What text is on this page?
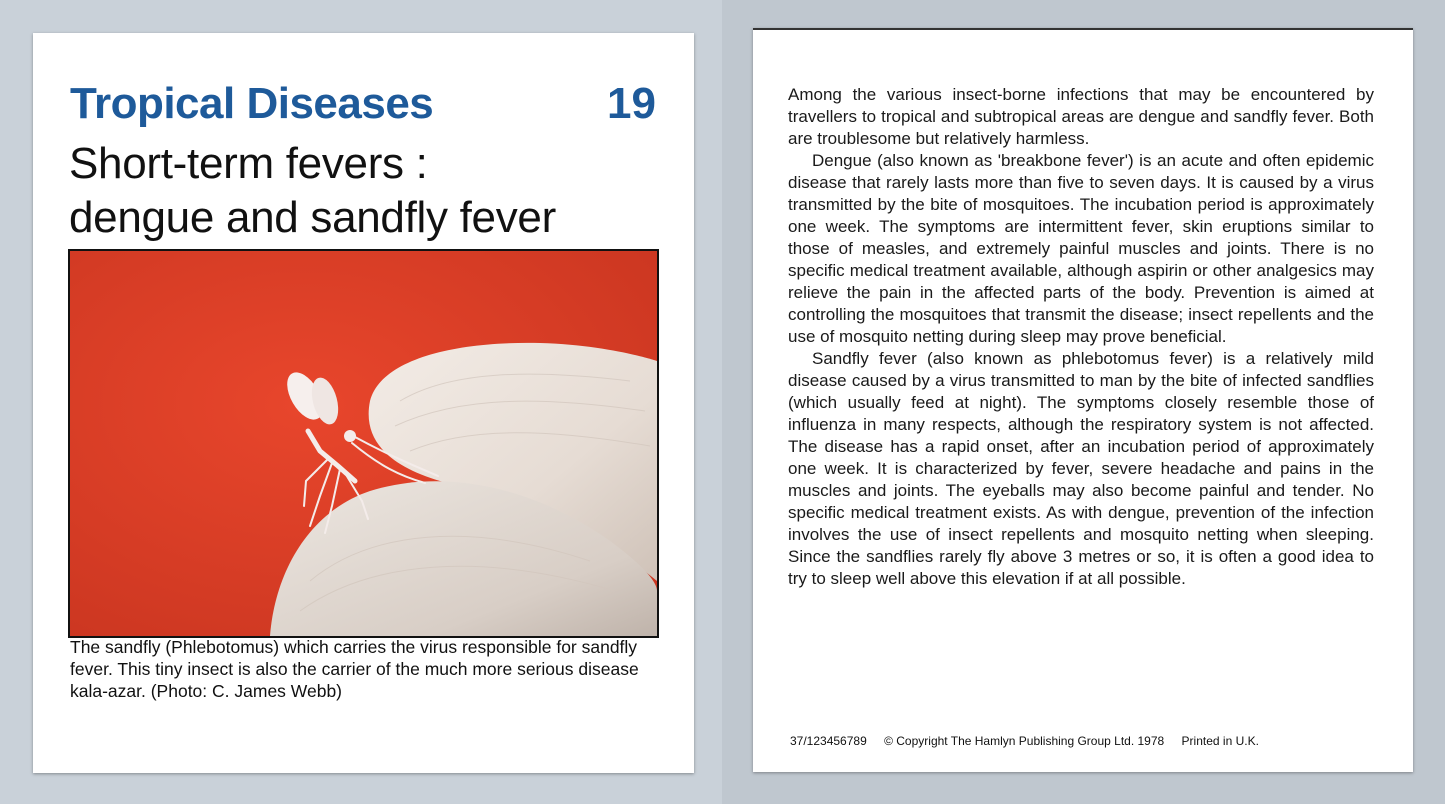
Tropical Diseases	19
Short-term fevers :
dengue and sandfly fever
The sandfly (Phlebotomus) which carries the virus responsible for sandfly fever. This tiny insect is also the carrier of the much more serious disease kala-azar. (Photo: C. James Webb)

Among the various insect-borne infections that may be encountered by travellers to tropical and subtropical areas are dengue and sandfly fever. Both are troublesome but relatively harmless.

Dengue (also known as 'breakbone fever') is an acute and often epidemic disease that rarely lasts more than five to seven days. It is caused by a virus transmitted by the bite of mosquitoes. The incubation period is approximately one week. The symptoms are intermittent fever, skin eruptions similar to those of measles, and extremely painful muscles and joints. There is no specific medical treatment available, although aspirin or other analgesics may relieve the pain in the affected parts of the body. Prevention is aimed at controlling the mosquitoes that transmit the disease; insect repellents and the use of mosquito netting during sleep may prove beneficial.

Sandfly fever (also known as phlebotomus fever) is a relatively mild disease caused by a virus transmitted to man by the bite of infected sandflies (which usually feed at night). The symptoms closely resemble those of influenza in many respects, although the respiratory system is not affected. The disease has a rapid onset, after an incubation period of approximately one week. It is characterized by fever, severe headache and pains in the muscles and joints. The eyeballs may also become painful and tender. No specific medical treatment exists. As with dengue, prevention of the infection involves the use of insect repellents and mosquito netting when sleeping. Since the sandflies rarely fly above 3 metres or so, it is often a good idea to try to sleep well above this elevation if at all possible.

37/123456789 © Copyright The Hamlyn Publishing Group Ltd. 1978 Printed in U.K.
